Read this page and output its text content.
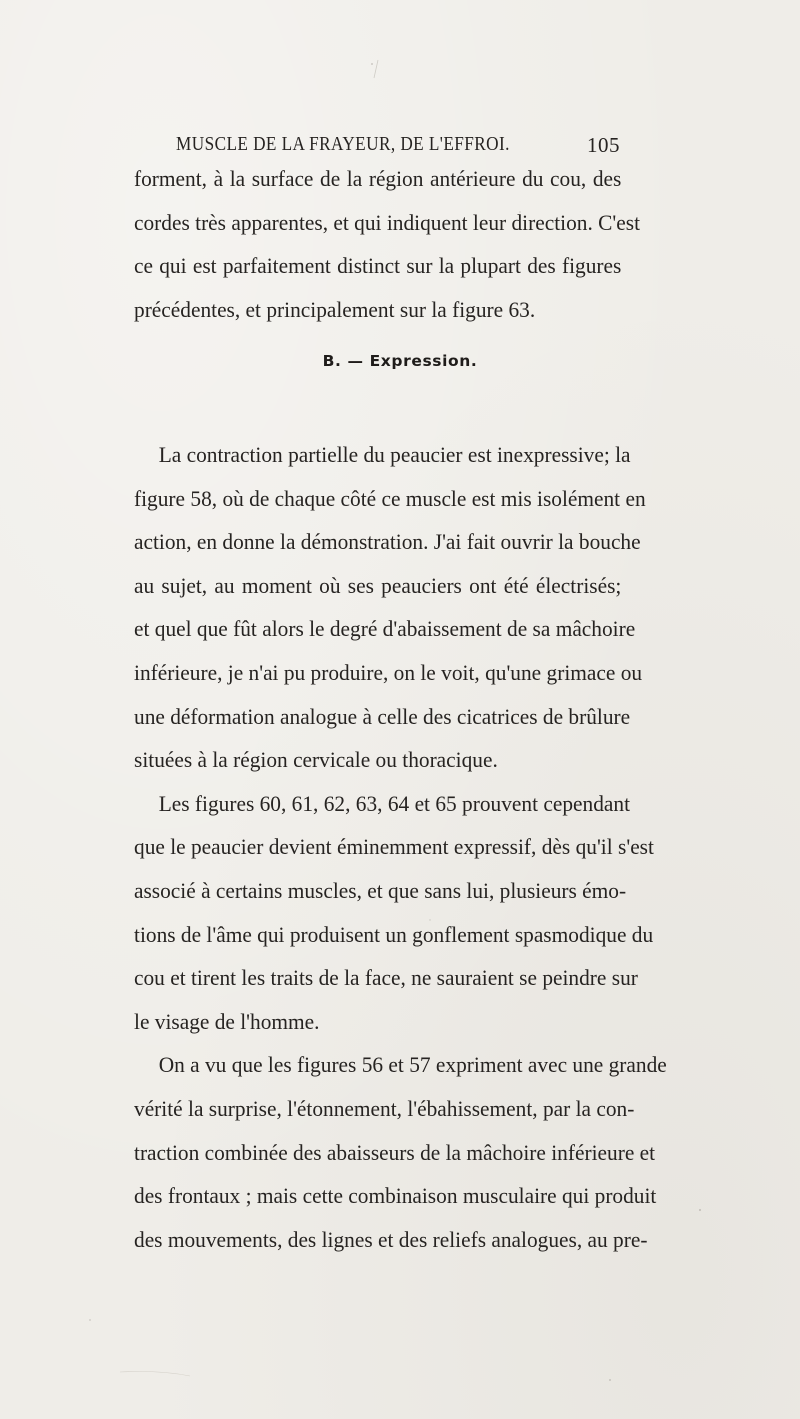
MUSCLE DE LA FRAYEUR, DE L'EFFROI.	105
forment, à la surface de la région antérieure du cou, des
cordes très apparentes, et qui indiquent leur direction. C'est
ce qui est parfaitement distinct sur la plupart des figures
précédentes, et principalement sur la figure 63.
B. — Expression.
La contraction partielle du peaucier est inexpressive; la
figure 58, où de chaque côté ce muscle est mis isolément en
action, en donne la démonstration. J'ai fait ouvrir la bouche
au sujet, au moment où ses peauciers ont été électrisés;
et quel que fût alors le degré d'abaissement de sa mâchoire
inférieure, je n'ai pu produire, on le voit, qu'une grimace ou
une déformation analogue à celle des cicatrices de brûlure
situées à la région cervicale ou thoracique.
Les figures 60, 61, 62, 63, 64 et 65 prouvent cependant
que le peaucier devient éminemment expressif, dès qu'il s'est
associé à certains muscles, et que sans lui, plusieurs émo-
tions de l'âme qui produisent un gonflement spasmodique du
cou et tirent les traits de la face, ne sauraient se peindre sur
le visage de l'homme.
On a vu que les figures 56 et 57 expriment avec une grande
vérité la surprise, l'étonnement, l'ébahissement, par la con-
traction combinée des abaisseurs de la mâchoire inférieure et
des frontaux ; mais cette combinaison musculaire qui produit
des mouvements, des lignes et des reliefs analogues, au pre-
